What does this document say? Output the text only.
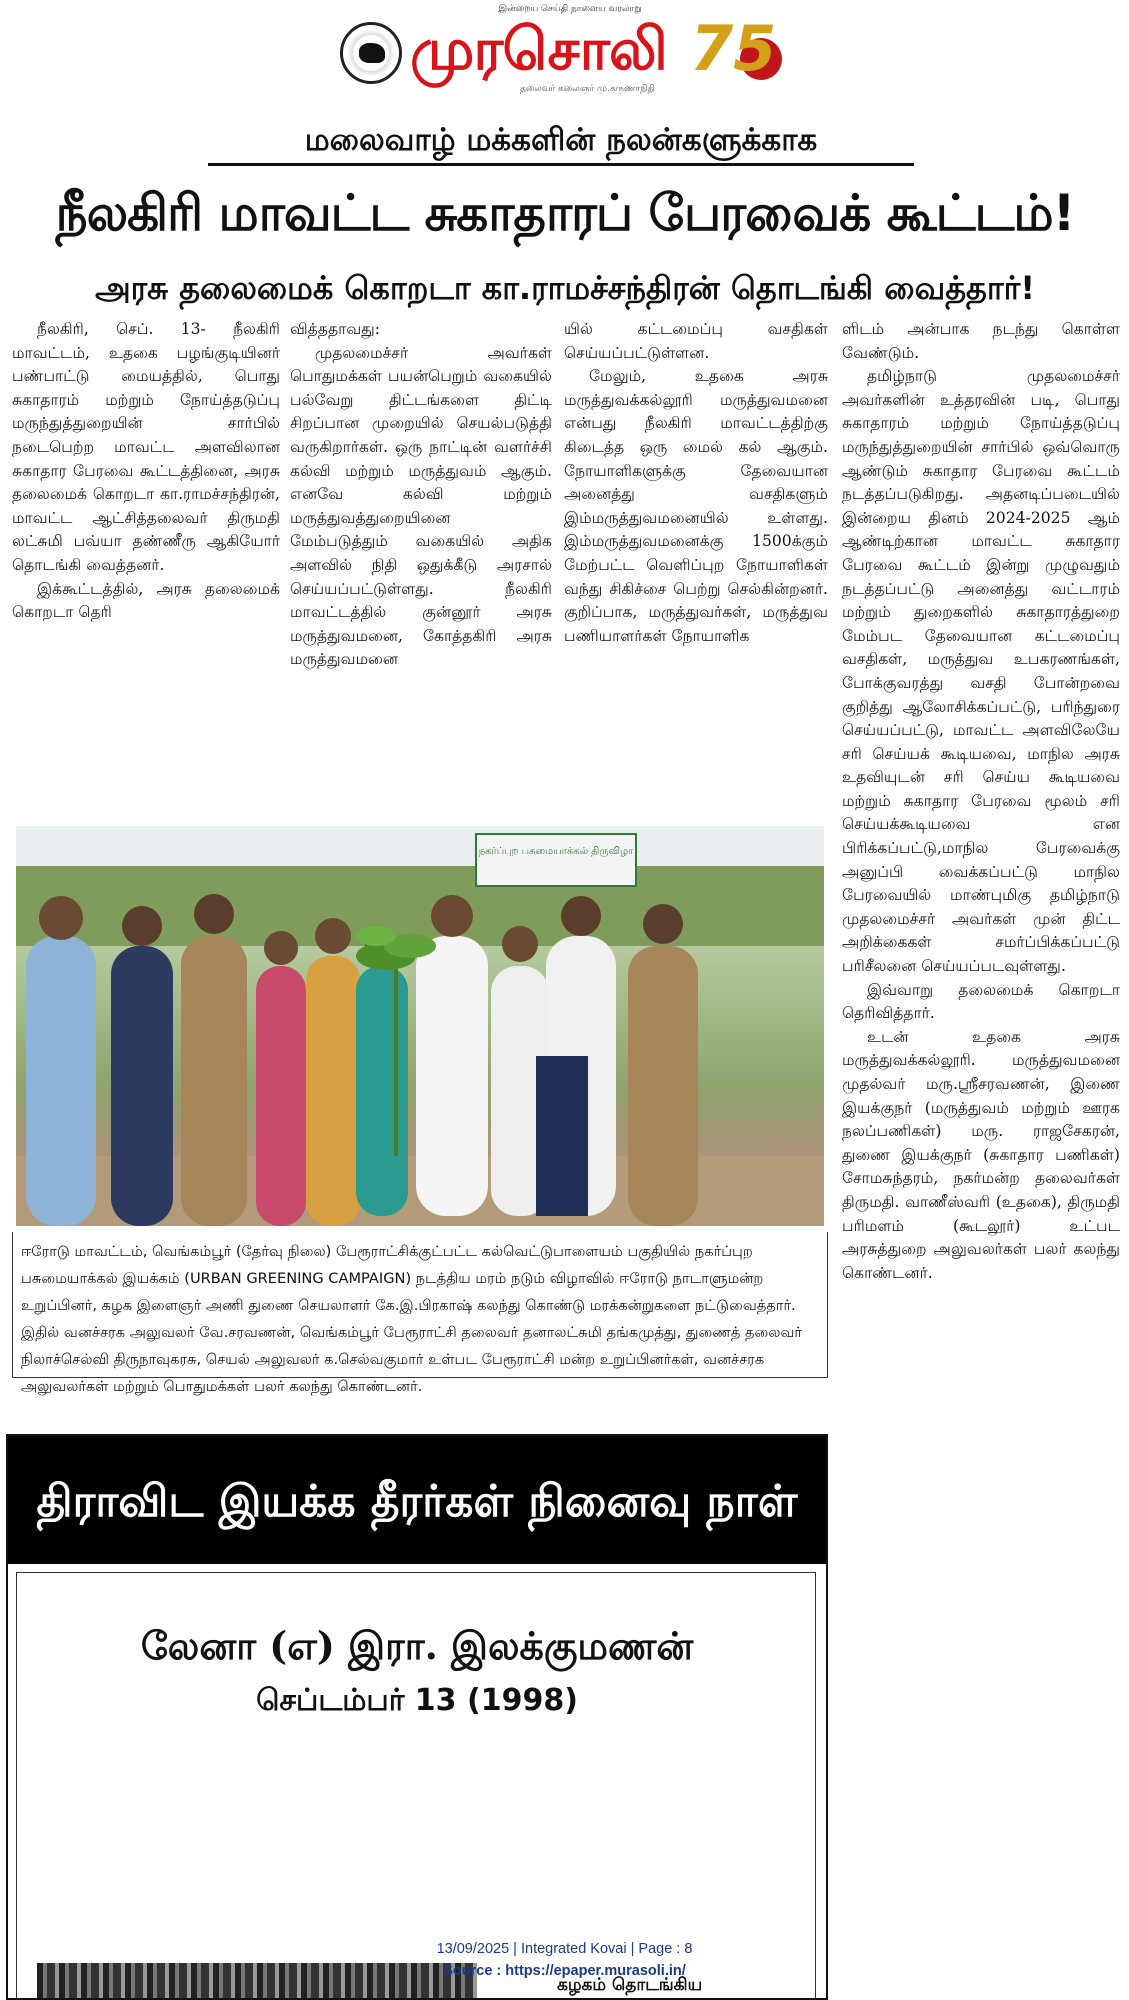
இன்றைய செய்தி நாளைய வரலாறு
முரசொலி
தலைவர் கலைஞர் மு.கருணாநிதி
75
மலைவாழ் மக்களின் நலன்களுக்காக
நீலகிரி மாவட்ட சுகாதாரப் பேரவைக் கூட்டம்!
அரசு தலைமைக் கொறடா கா.ராமச்சந்திரன் தொடங்கி வைத்தார்!

நீலகிரி, செப். 13- நீலகிரி மாவட்டம், உதகை பழங்குடியினர் பண்பாட்டு மையத்தில், பொது சுகாதாரம் மற்றும் நோய்த்தடுப்பு மருந்துத்துறையின் சார்பில் நடைபெற்ற மாவட்ட அளவிலான சுகாதார பேரவை கூட்டத்தினை, அரசு தலைமைக் கொறடா கா.ராமச்சந்திரன், மாவட்ட ஆட்சித்தலைவர் திருமதி லட்சுமி பவ்யா தண்ணீரு ஆகியோர் தொடங்கி வைத்தனர்.

இக்கூட்டத்தில், அரசு தலைமைக் கொறடா தெரி

வித்ததாவது:

முதலமைச்சர் அவர்கள் பொதுமக்கள் பயன்பெறும் வகையில் பல்வேறு திட்டங்களை திட்டி சிறப்பான முறையில் செயல்படுத்தி வருகிறார்கள். ஒரு நாட்டின் வளர்ச்சி கல்வி மற்றும் மருத்துவம் ஆகும். எனவே கல்வி மற்றும் மருத்துவத்துறையினை மேம்படுத்தும் வகையில் அதிக அளவில் நிதி ஒதுக்கீடு அரசால் செய்யப்பட்டுள்ளது. நீலகிரி மாவட்டத்தில் குன்னூர் அரசு மருத்துவமனை, கோத்தகிரி அரசு மருத்துவமனை

யில் கட்டமைப்பு வசதிகள் செய்யப்பட்டுள்ளன.

மேலும், உதகை அரசு மருத்துவக்கல்லூரி மருத்துவமனை என்பது நீலகிரி மாவட்டத்திற்கு கிடைத்த ஒரு மைல் கல் ஆகும். நோயாளிகளுக்கு தேவையான அனைத்து வசதிகளும் இம்மருத்துவமனையில் உள்ளது. இம்மருத்துவமனைக்கு 1500க்கும் மேற்பட்ட வெளிப்புற நோயாளிகள் வந்து சிகிச்சை பெற்று செல்கின்றனர். குறிப்பாக, மருத்துவர்கள், மருத்துவ பணியாளர்கள் நோயாளிக

ளிடம் அன்பாக நடந்து கொள்ள வேண்டும்.

தமிழ்நாடு முதலமைச்சர் அவர்களின் உத்தரவின் படி, பொது சுகாதாரம் மற்றும் நோய்த்தடுப்பு மருந்துத்துறையின் சார்பில் ஒவ்வொரு ஆண்டும் சுகாதார பேரவை கூட்டம் நடத்தப்படுகிறது. அதனடிப்படையில் இன்றைய தினம் 2024-2025 ஆம் ஆண்டிற்கான மாவட்ட சுகாதார பேரவை கூட்டம் இன்று முழுவதும் நடத்தப்பட்டு அனைத்து வட்டாரம் மற்றும் துறைகளில் சுகாதாரத்துறை மேம்பட தேவையான கட்டமைப்பு வசதிகள், மருத்துவ உபகரணங்கள், போக்குவரத்து வசதி போன்றவை குறித்து ஆலோசிக்கப்பட்டு, பரிந்துரை செய்யப்பட்டு, மாவட்ட அளவிலேயே சரி செய்யக் கூடியவை, மாநில அரசு உதவியுடன் சரி செய்ய கூடியவை மற்றும் சுகாதார பேரவை மூலம் சரி செய்யக்கூடியவை என பிரிக்கப்பட்டு,மாநில பேரவைக்கு அனுப்பி வைக்கப்பட்டு மாநில பேரவையில் மாண்புமிகு தமிழ்நாடு முதலமைச்சர் அவர்கள் முன் திட்ட அறிக்கைகள் சமர்ப்பிக்கப்பட்டு பரிசீலனை செய்யப்படவுள்ளது.

இவ்வாறு தலைமைக் கொறடா தெரிவித்தார்.

உடன் உதகை அரசு மருத்துவக்கல்லூரி. மருத்துவமனை முதல்வர் மரு.ஸ்ரீசரவணன், இணை இயக்குநர் (மருத்துவம் மற்றும் ஊரக நலப்பணிகள்) மரு. ராஜசேகரன், துணை இயக்குநர் (சுகாதார பணிகள்) சோமசுந்தரம், நகர்மன்ற தலைவர்கள் திருமதி. வாணீஸ்வரி (உதகை), திருமதி பரிமளம் (கூடலூர்) உட்பட அரசுத்துறை அலுவலர்கள் பலர் கலந்து கொண்டனர்.

நகர்ப்புற பசுமையாக்கல் திருவிழா
ஈரோடு மாவட்டம், வெங்கம்பூர் (தேர்வு நிலை) பேரூராட்சிக்குட்பட்ட கல்வெட்டுபாளையம் பகுதியில் நகர்ப்புற பசுமையாக்கல் இயக்கம் (URBAN GREENING CAMPAIGN) நடத்திய மரம் நடும் விழாவில் ஈரோடு நாடாளுமன்ற உறுப்பினர், கழக இளைஞர் அணி துணை செயலாளர் கே.இ.பிரகாஷ் கலந்து கொண்டு மரக்கன்றுகளை நட்டுவைத்தார். இதில் வனச்சரக அலுவலர் வே.சரவணன், வெங்கம்பூர் பேரூராட்சி தலைவர் தனாலட்சுமி தங்கமுத்து, துணைத் தலைவர் நிலாச்செல்வி திருநாவுகரசு, செயல் அலுவலர் க.செல்வகுமார் உள்பட பேரூராட்சி மன்ற உறுப்பினர்கள், வனச்சரக அலுவலர்கள் மற்றும் பொதுமக்கள் பலர் கலந்து கொண்டனர்.
திராவிட இயக்க தீரர்கள் நினைவு நாள்
லேனா (எ) இரா. இலக்குமணன்
செப்டம்பர் 13 (1998)
கழகம் தொடங்கிய
13/09/2025 | Integrated Kovai | Page : 8
Source : https://epaper.murasoli.in/
